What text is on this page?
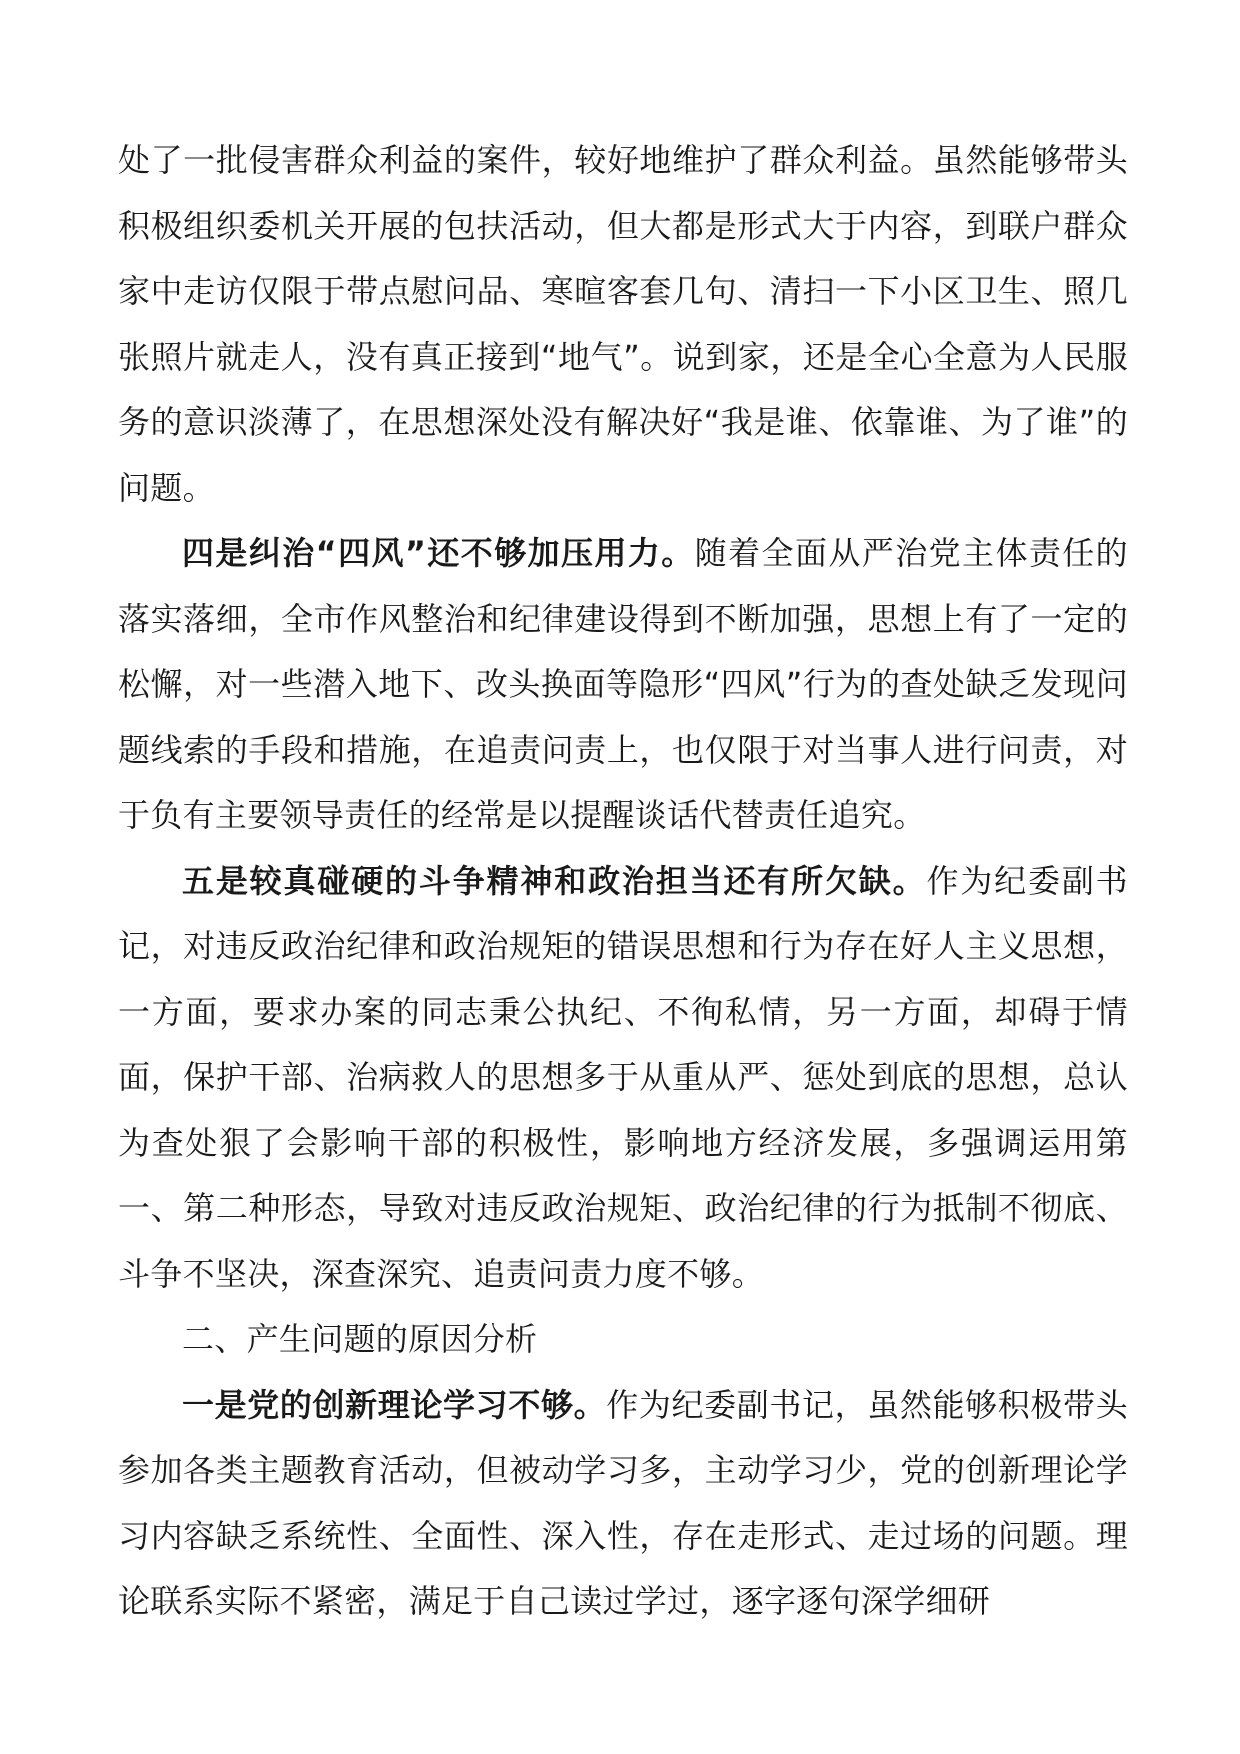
处了一批侵害群众利益的案件，较好地维护了群众利益。虽然能够带头积极组织委机关开展的包扶活动，但大都是形式大于内容，到联户群众家中走访仅限于带点慰问品、寒暄客套几句、清扫一下小区卫生、照几张照片就走人，没有真正接到“地气”。说到家，还是全心全意为人民服务的意识淡薄了，在思想深处没有解决好“我是谁、依靠谁、为了谁”的问题。

四是纠治“四风”还不够加压用力。随着全面从严治党主体责任的落实落细，全市作风整治和纪律建设得到不断加强，思想上有了一定的松懈，对一些潜入地下、改头换面等隐形“四风”行为的查处缺乏发现问题线索的手段和措施，在追责问责上，也仅限于对当事人进行问责，对于负有主要领导责任的经常是以提醒谈话代替责任追究。

五是较真碰硬的斗争精神和政治担当还有所欠缺。作为纪委副书记，对违反政治纪律和政治规矩的错误思想和行为存在好人主义思想，一方面，要求办案的同志秉公执纪、不徇私情，另一方面，却碍于情面，保护干部、治病救人的思想多于从重从严、惩处到底的思想，总认为查处狠了会影响干部的积极性，影响地方经济发展，多强调运用第一、第二种形态，导致对违反政治规矩、政治纪律的行为抵制不彻底、斗争不坚决，深查深究、追责问责力度不够。

二、产生问题的原因分析

一是党的创新理论学习不够。作为纪委副书记，虽然能够积极带头参加各类主题教育活动，但被动学习多，主动学习少，党的创新理论学习内容缺乏系统性、全面性、深入性，存在走形式、走过场的问题。理论联系实际不紧密，满足于自己读过学过，逐字逐句深学细研
